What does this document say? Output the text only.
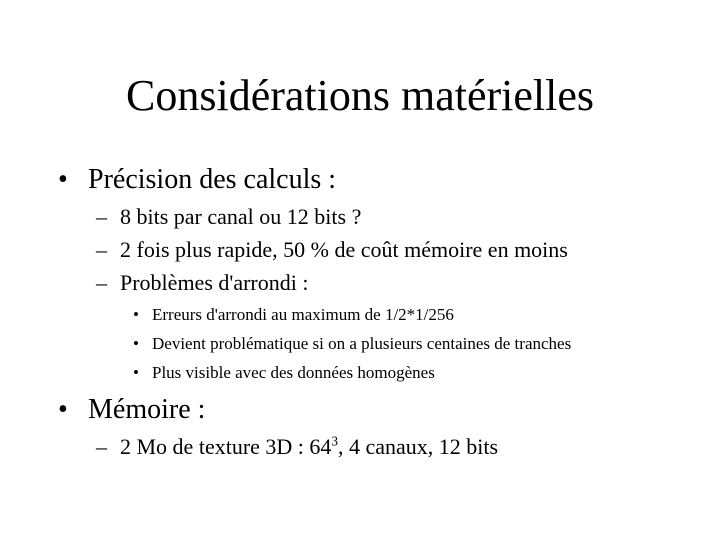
Considérations matérielles
• Précision des calculs :
– 8 bits par canal ou 12 bits ?
– 2 fois plus rapide, 50 % de coût mémoire en moins
– Problèmes d'arrondi :
• Erreurs d'arrondi au maximum de 1/2*1/256
• Devient problématique si on a plusieurs centaines de tranches
• Plus visible avec des données homogènes
• Mémoire :
– 2 Mo de texture 3D : $64^3$, 4 canaux, 12 bits
